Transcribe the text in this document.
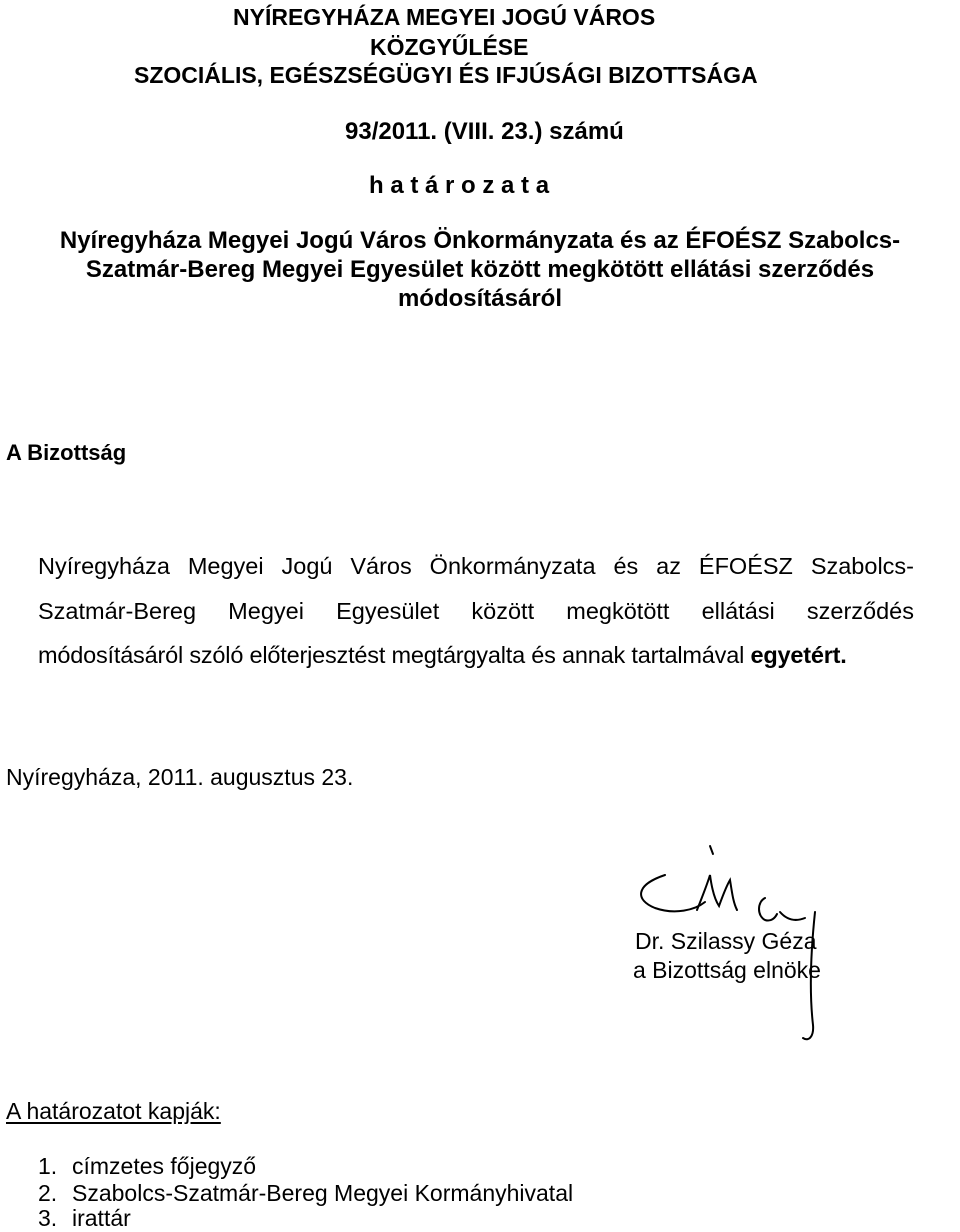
NYÍREGYHÁZA MEGYEI JOGÚ VÁROS
KÖZGYŰLÉSE
SZOCIÁLIS, EGÉSZSÉGÜGYI ÉS IFJÚSÁGI BIZOTTSÁGA
93/2011. (VIII. 23.) számú
h a t á r o z a t a
Nyíregyháza Megyei Jogú Város Önkormányzata és az ÉFOÉSZ Szabolcs-
Szatmár-Bereg Megyei Egyesület között megkötött ellátási szerződés
módosításáról
A Bizottság
Nyíregyháza Megyei Jogú Város Önkormányzata és az ÉFOÉSZ Szabolcs-
Szatmár-Bereg Megyei Egyesület között megkötött ellátási szerződés
módosításáról szóló előterjesztést megtárgyalta és annak tartalmával egyetért.
Nyíregyháza, 2011. augusztus 23.
Dr. Szilassy Géza
a Bizottság elnöke
A határozatot kapják:
1. címzetes főjegyző
2. Szabolcs-Szatmár-Bereg Megyei Kormányhivatal
3. irattár
